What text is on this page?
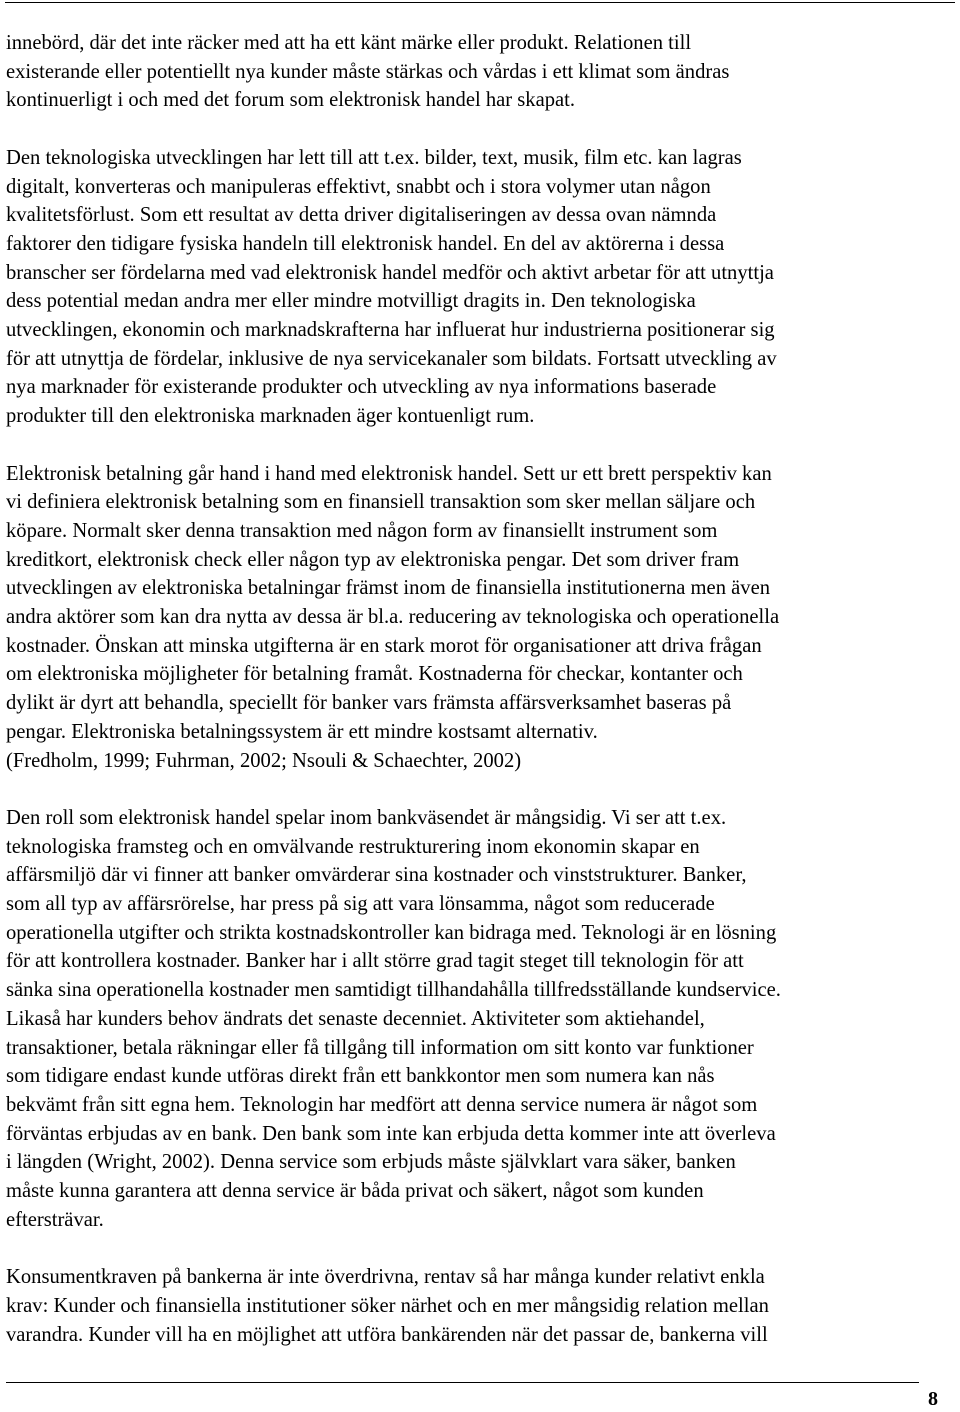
innebörd, där det inte räcker med att ha ett känt märke eller produkt. Relationen till
existerande eller potentiellt nya kunder måste stärkas och vårdas i ett klimat som ändras
kontinuerligt i och med det forum som elektronisk handel har skapat.

Den teknologiska utvecklingen har lett till att t.ex. bilder, text, musik, film etc. kan lagras
digitalt, konverteras och manipuleras effektivt, snabbt och i stora volymer utan någon
kvalitetsförlust. Som ett resultat av detta driver digitaliseringen av dessa ovan nämnda
faktorer den tidigare fysiska handeln till elektronisk handel. En del av aktörerna i dessa
branscher ser fördelarna med vad elektronisk handel medför och aktivt arbetar för att utnyttja
dess potential medan andra mer eller mindre motvilligt dragits in. Den teknologiska
utvecklingen, ekonomin och marknadskrafterna har influerat hur industrierna positionerar sig
för att utnyttja de fördelar, inklusive de nya servicekanaler som bildats. Fortsatt utveckling av
nya marknader för existerande produkter och utveckling av nya informations baserade
produkter till den elektroniska marknaden äger kontuenligt rum.

Elektronisk betalning går hand i hand med elektronisk handel. Sett ur ett brett perspektiv kan
vi definiera elektronisk betalning som en finansiell transaktion som sker mellan säljare och
köpare. Normalt sker denna transaktion med någon form av finansiellt instrument som
kreditkort, elektronisk check eller någon typ av elektroniska pengar. Det som driver fram
utvecklingen av elektroniska betalningar främst inom de finansiella institutionerna men även
andra aktörer som kan dra nytta av dessa är bl.a. reducering av teknologiska och operationella
kostnader. Önskan att minska utgifterna är en stark morot för organisationer att driva frågan
om elektroniska möjligheter för betalning framåt. Kostnaderna för checkar, kontanter och
dylikt är dyrt att behandla, speciellt för banker vars främsta affärsverksamhet baseras på
pengar. Elektroniska betalningssystem är ett mindre kostsamt alternativ.
(Fredholm, 1999; Fuhrman, 2002; Nsouli & Schaechter, 2002)

Den roll som elektronisk handel spelar inom bankväsendet är mångsidig. Vi ser att t.ex.
teknologiska framsteg och en omvälvande restrukturering inom ekonomin skapar en
affärsmiljö där vi finner att banker omvärderar sina kostnader och vinststrukturer. Banker,
som all typ av affärsrörelse, har press på sig att vara lönsamma, något som reducerade
operationella utgifter och strikta kostnadskontroller kan bidraga med. Teknologi är en lösning
för att kontrollera kostnader. Banker har i allt större grad tagit steget till teknologin för att
sänka sina operationella kostnader men samtidigt tillhandahålla tillfredsställande kundservice.
Likaså har kunders behov ändrats det senaste decenniet. Aktiviteter som aktiehandel,
transaktioner, betala räkningar eller få tillgång till information om sitt konto var funktioner
som tidigare endast kunde utföras direkt från ett bankkontor men som numera kan nås
bekvämt från sitt egna hem. Teknologin har medfört att denna service numera är något som
förväntas erbjudas av en bank. Den bank som inte kan erbjuda detta kommer inte att överleva
i längden (Wright, 2002). Denna service som erbjuds måste självklart vara säker, banken
måste kunna garantera att denna service är båda privat och säkert, något som kunden
eftersträvar.

Konsumentkraven på bankerna är inte överdrivna, rentav så har många kunder relativt enkla
krav: Kunder och finansiella institutioner söker närhet och en mer mångsidig relation mellan
varandra. Kunder vill ha en möjlighet att utföra bankärenden när det passar de, bankerna vill

8
